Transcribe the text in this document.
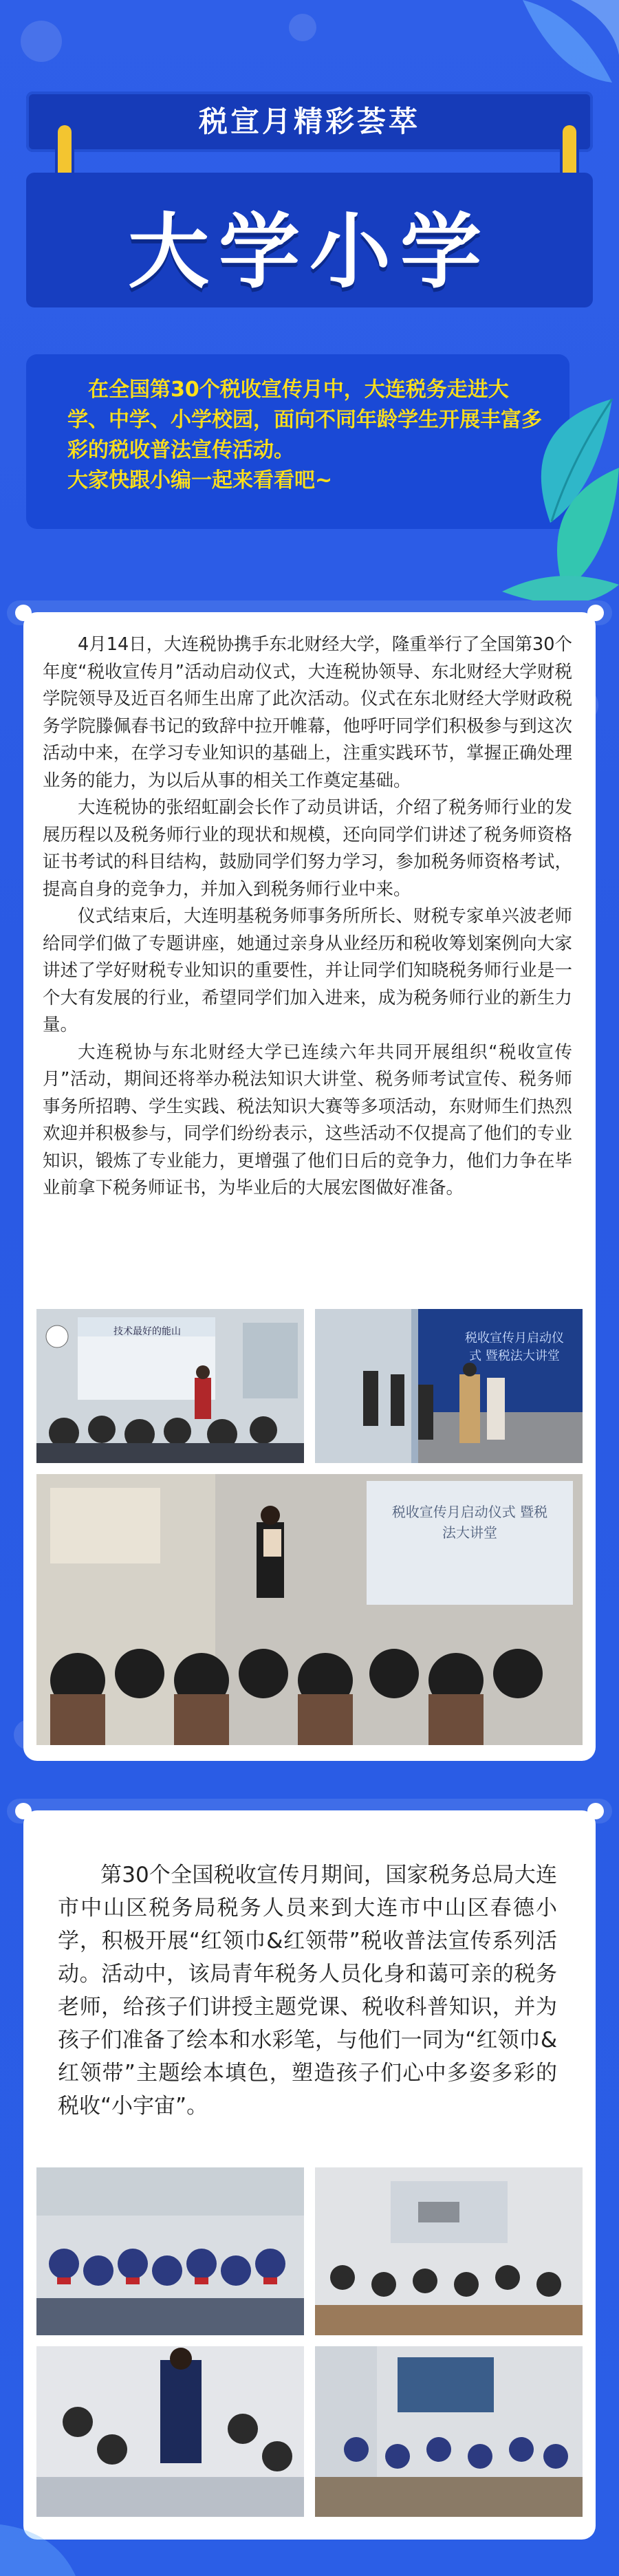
税宣月精彩荟萃
大学小学

在全国第30个税收宣传月中，大连税务走进大学、中学、小学校园，面向不同年龄学生开展丰富多彩的税收普法宣传活动。

大家快跟小编一起来看看吧~

4月14日，大连税协携手东北财经大学，隆重举行了全国第30个年度“税收宣传月”活动启动仪式，大连税协领导、东北财经大学财税学院领导及近百名师生出席了此次活动。仪式在东北财经大学财政税务学院滕佩春书记的致辞中拉开帷幕，他呼吁同学们积极参与到这次活动中来，在学习专业知识的基础上，注重实践环节，掌握正确处理业务的能力，为以后从事的相关工作奠定基础。

大连税协的张绍虹副会长作了动员讲话，介绍了税务师行业的发展历程以及税务师行业的现状和规模，还向同学们讲述了税务师资格证书考试的科目结构，鼓励同学们努力学习，参加税务师资格考试，提高自身的竞争力，并加入到税务师行业中来。

仪式结束后，大连明基税务师事务所所长、财税专家单兴波老师给同学们做了专题讲座，她通过亲身从业经历和税收筹划案例向大家讲述了学好财税专业知识的重要性，并让同学们知晓税务师行业是一个大有发展的行业，希望同学们加入进来，成为税务师行业的新生力量。

大连税协与东北财经大学已连续六年共同开展组织“税收宣传月”活动，期间还将举办税法知识大讲堂、税务师考试宣传、税务师事务所招聘、学生实践、税法知识大赛等多项活动，东财师生们热烈欢迎并积极参与，同学们纷纷表示，这些活动不仅提高了他们的专业知识，锻炼了专业能力，更增强了他们日后的竞争力，他们力争在毕业前拿下税务师证书，为毕业后的大展宏图做好准备。

技术最好的能山	税收宣传月启动仪式 暨税法大讲堂
税收宣传月启动仪式 暨税法大讲堂

第30个全国税收宣传月期间，国家税务总局大连市中山区税务局税务人员来到大连市中山区春德小学，积极开展“红领巾&红领带”税收普法宣传系列活动。活动中，该局青年税务人员化身和蔼可亲的税务老师，给孩子们讲授主题党课、税收科普知识，并为孩子们准备了绘本和水彩笔，与他们一同为“红领巾&红领带”主题绘本填色，塑造孩子们心中多姿多彩的税收“小宇宙”。
